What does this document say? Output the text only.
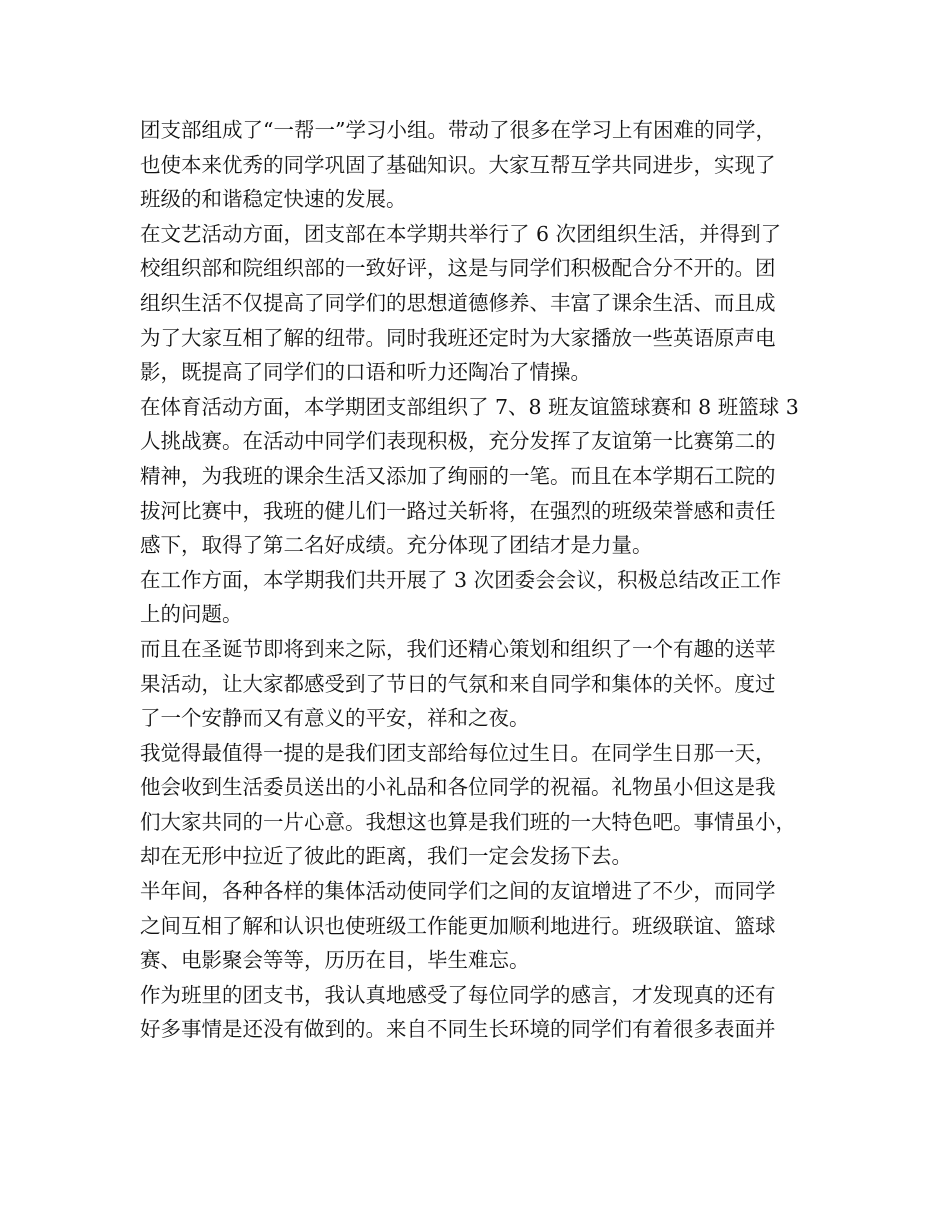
团支部组成了“一帮一”学习小组。带动了很多在学习上有困难的同学，
也使本来优秀的同学巩固了基础知识。大家互帮互学共同进步，实现了
班级的和谐稳定快速的发展。
在文艺活动方面，团支部在本学期共举行了 6 次团组织生活，并得到了
校组织部和院组织部的一致好评，这是与同学们积极配合分不开的。团
组织生活不仅提高了同学们的思想道德修养、丰富了课余生活、而且成
为了大家互相了解的纽带。同时我班还定时为大家播放一些英语原声电
影，既提高了同学们的口语和听力还陶冶了情操。
在体育活动方面，本学期团支部组织了 7、8 班友谊篮球赛和 8 班篮球 3
人挑战赛。在活动中同学们表现积极，充分发挥了友谊第一比赛第二的
精神，为我班的课余生活又添加了绚丽的一笔。而且在本学期石工院的
拔河比赛中，我班的健儿们一路过关斩将，在强烈的班级荣誉感和责任
感下，取得了第二名好成绩。充分体现了团结才是力量。
在工作方面，本学期我们共开展了 3 次团委会会议，积极总结改正工作
上的问题。
而且在圣诞节即将到来之际，我们还精心策划和组织了一个有趣的送苹
果活动，让大家都感受到了节日的气氛和来自同学和集体的关怀。度过
了一个安静而又有意义的平安，祥和之夜。
我觉得最值得一提的是我们团支部给每位过生日。在同学生日那一天，
他会收到生活委员送出的小礼品和各位同学的祝福。礼物虽小但这是我
们大家共同的一片心意。我想这也算是我们班的一大特色吧。事情虽小，
却在无形中拉近了彼此的距离，我们一定会发扬下去。
半年间，各种各样的集体活动使同学们之间的友谊增进了不少，而同学
之间互相了解和认识也使班级工作能更加顺利地进行。班级联谊、篮球
赛、电影聚会等等，历历在目，毕生难忘。
作为班里的团支书，我认真地感受了每位同学的感言，才发现真的还有
好多事情是还没有做到的。来自不同生长环境的同学们有着很多表面并
